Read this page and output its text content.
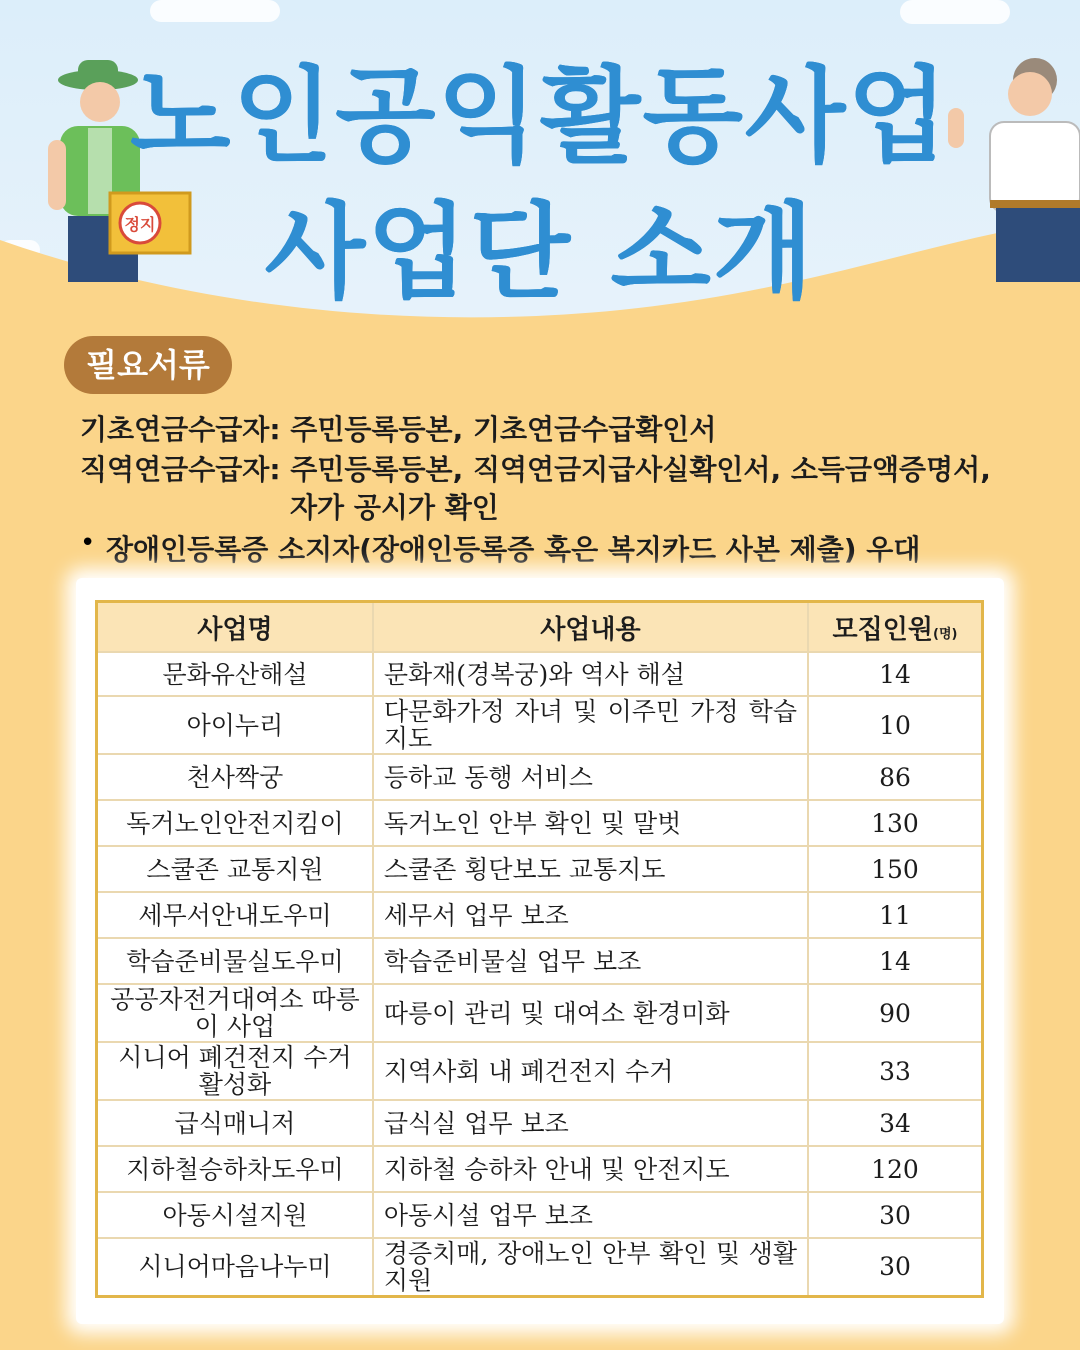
정지
노인공익활동사업
사업단 소개
필요서류
기초연금수급자: 주민등록등본, 기초연금수급확인서
직역연금수급자: 주민등록등본, 직역연금지급사실확인서, 소득금액증명서,
자가 공시가 확인
• 장애인등록증 소지자(장애인등록증 혹은 복지카드 사본 제출) 우대
사업명	사업내용	모집인원(명)
문화유산해설	문화재(경복궁)와 역사 해설	14
아이누리	다문화가정 자녀 및 이주민 가정 학습지도	10
천사짝궁	등하교 동행 서비스	86
독거노인안전지킴이	독거노인 안부 확인 및 말벗	130
스쿨존 교통지원	스쿨존 횡단보도 교통지도	150
세무서안내도우미	세무서 업무 보조	11
학습준비물실도우미	학습준비물실 업무 보조	14
공공자전거대여소 따릉이 사업	따릉이 관리 및 대여소 환경미화	90
시니어 폐건전지 수거 활성화	지역사회 내 폐건전지 수거	33
급식매니저	급식실 업무 보조	34
지하철승하차도우미	지하철 승하차 안내 및 안전지도	120
아동시설지원	아동시설 업무 보조	30
시니어마음나누미	경증치매, 장애노인 안부 확인 및 생활지원	30
